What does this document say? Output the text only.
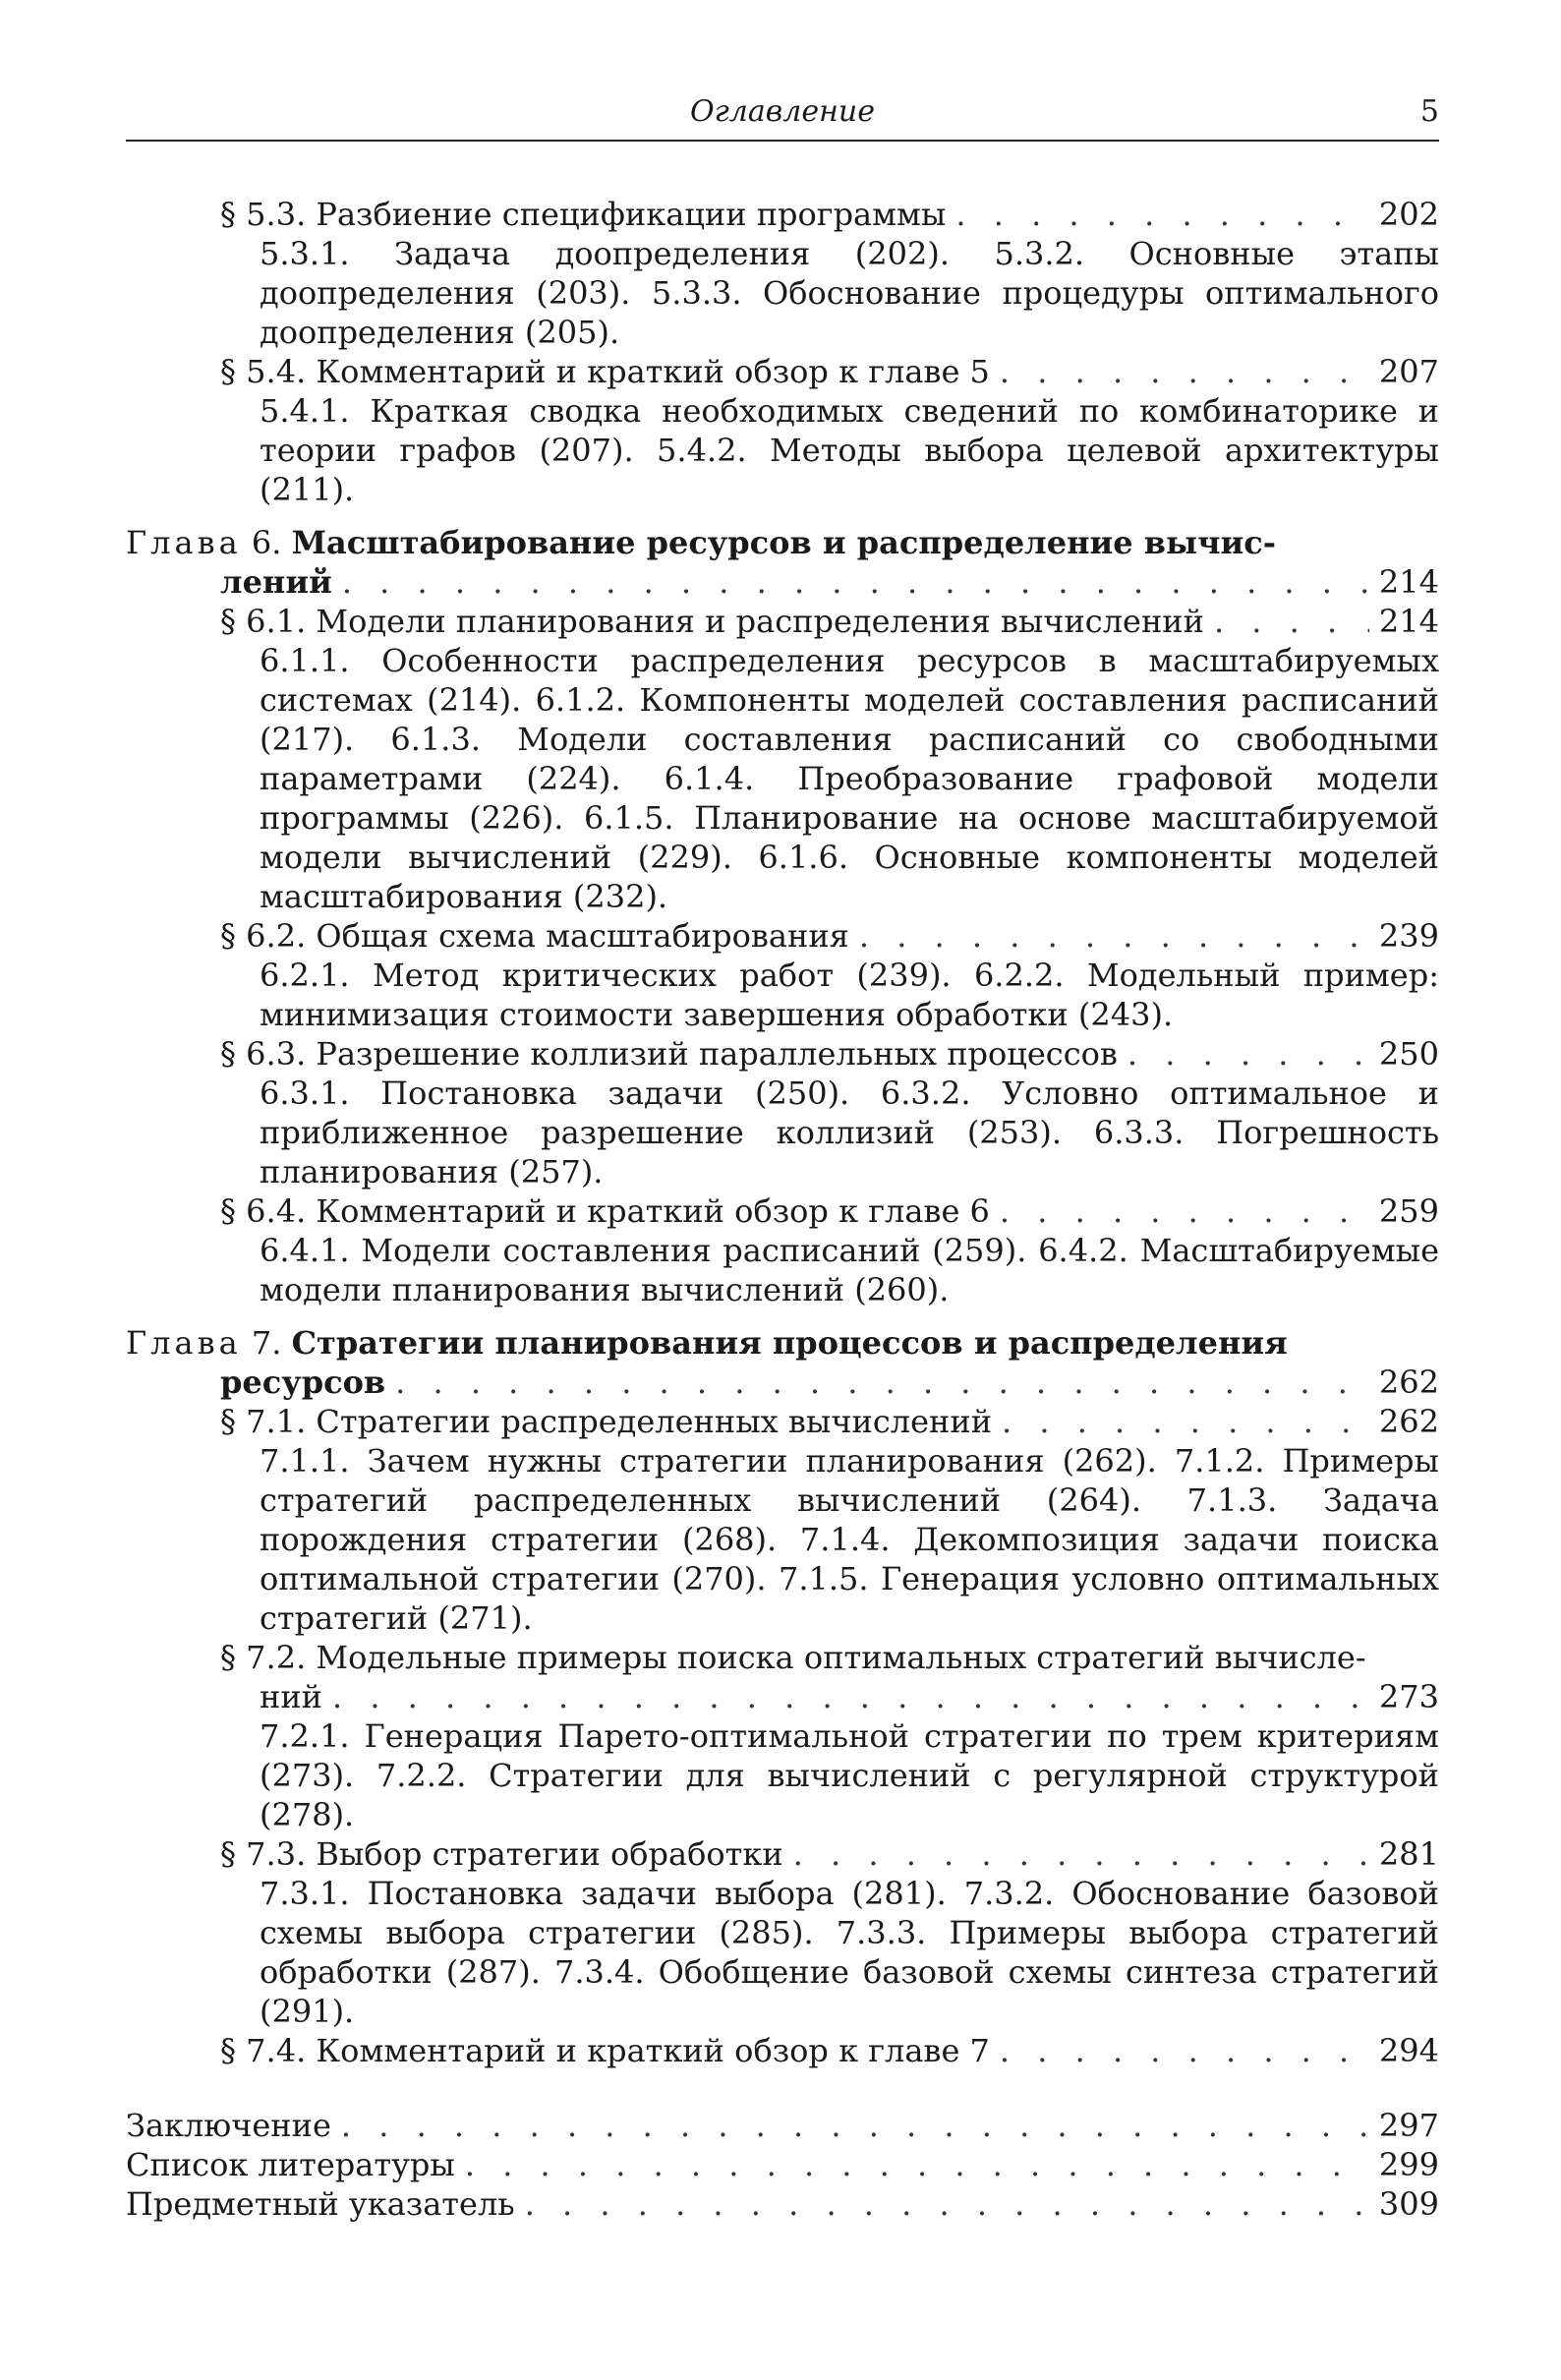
Оглавление	5
§ 5.3. Разбиение спецификации программы . . .	202
5.3.1. Задача доопределения (202). 5.3.2. Основные этапы доопределения (203). 5.3.3. Обоснование процедуры оптимального доопределения (205).
§ 5.4. Комментарий и краткий обзор к главе 5 . . .	207
5.4.1. Краткая сводка необходимых сведений по комбинаторике и теории графов (207). 5.4.2. Методы выбора целевой архитектуры (211).
Глава 6. Масштабирование ресурсов и распределение вычис-
лений . . .	214
§ 6.1. Модели планирования и распределения вычислений . . .	214
6.1.1. Особенности распределения ресурсов в масштабируемых системах (214). 6.1.2. Компоненты моделей составления расписаний (217). 6.1.3. Модели составления расписаний со свободными параметрами (224). 6.1.4. Преобразование графовой модели программы (226). 6.1.5. Планирование на основе масштабируемой модели вычислений (229). 6.1.6. Основные компоненты моделей масштабирования (232).
§ 6.2. Общая схема масштабирования . . .	239
6.2.1. Метод критических работ (239). 6.2.2. Модельный пример: минимизация стоимости завершения обработки (243).
§ 6.3. Разрешение коллизий параллельных процессов . . .	250
6.3.1. Постановка задачи (250). 6.3.2. Условно оптимальное и приближенное разрешение коллизий (253). 6.3.3. Погрешность планирования (257).
§ 6.4. Комментарий и краткий обзор к главе 6 . . .	259
6.4.1. Модели составления расписаний (259). 6.4.2. Масштабируемые модели планирования вычислений (260).
Глава 7. Стратегии планирования процессов и распределения
ресурсов . . .	262
§ 7.1. Стратегии распределенных вычислений . . .	262
7.1.1. Зачем нужны стратегии планирования (262). 7.1.2. Примеры стратегий распределенных вычислений (264). 7.1.3. Задача порождения стратегии (268). 7.1.4. Декомпозиция задачи поиска оптимальной стратегии (270). 7.1.5. Генерация условно оптимальных стратегий (271).
§ 7.2. Модельные примеры поиска оптимальных стратегий вычисле-
ний . . .	273
7.2.1. Генерация Парето-оптимальной стратегии по трем критериям (273). 7.2.2. Стратегии для вычислений с регулярной структурой (278).
§ 7.3. Выбор стратегии обработки . . .	281
7.3.1. Постановка задачи выбора (281). 7.3.2. Обоснование базовой схемы выбора стратегии (285). 7.3.3. Примеры выбора стратегий обработки (287). 7.3.4. Обобщение базовой схемы синтеза стратегий (291).
§ 7.4. Комментарий и краткий обзор к главе 7 . . .	294
Заключение . . .	297
Список литературы . . .	299
Предметный указатель . . .	309
